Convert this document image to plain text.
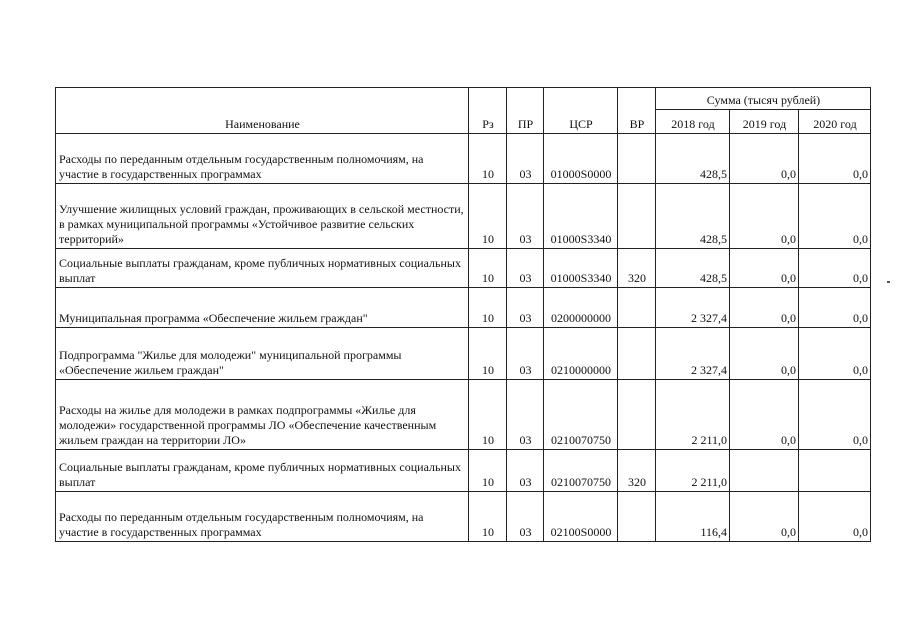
Наименование	Рз	ПР	ЦСР	ВР	Сумма (тысяч рублей)		
					2018 год	2019 год	2020 год
Расходы по переданным отдельным государственным полномочиям, на участие в государственных программах	10	03	01000S0000		428,5	0,0	0,0
Улучшение жилищных условий граждан, проживающих в сельской местности, в рамках муниципальной программы «Устойчивое развитие сельских территорий»	10	03	01000S3340		428,5	0,0	0,0
Социальные выплаты гражданам, кроме публичных нормативных социальных выплат	10	03	01000S3340	320	428,5	0,0	0,0
Муниципальная программа «Обеспечение жильем граждан"	10	03	0200000000		2 327,4	0,0	0,0
Подпрограмма "Жилье для молодежи" муниципальной программы «Обеспечение жильем граждан"	10	03	0210000000		2 327,4	0,0	0,0
Расходы на жилье для молодежи в рамках подпрограммы «Жилье для молодежи» государственной программы ЛО «Обеспечение качественным жильем граждан на территории ЛО»	10	03	0210070750		2 211,0	0,0	0,0
Социальные выплаты гражданам, кроме публичных нормативных социальных выплат	10	03	0210070750	320	2 211,0		
Расходы по переданным отдельным государственным полномочиям, на участие в государственных программах	10	03	02100S0000		116,4	0,0	0,0
